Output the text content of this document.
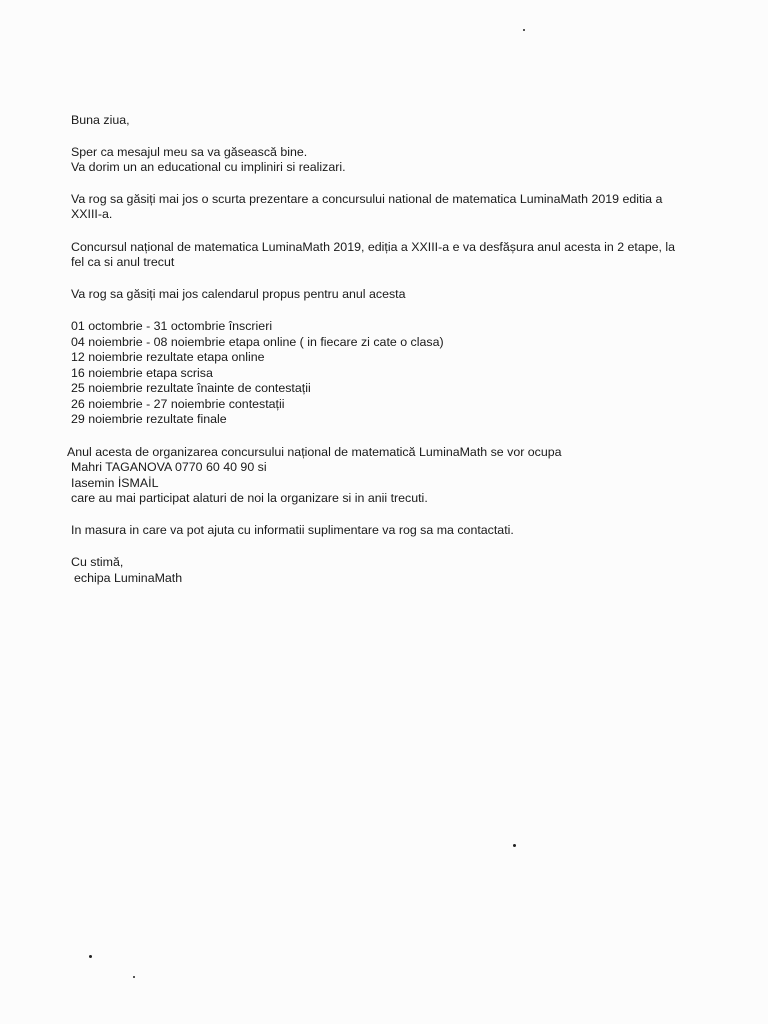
Buna ziua,
Sper ca mesajul meu sa va găsească bine.
Va dorim un an educational cu impliniri si realizari.
Va rog sa găsiți mai jos o scurta prezentare a concursului national de matematica LuminaMath 2019 editia a
XXIII-a.
Concursul național de matematica LuminaMath 2019, ediția a XXIII-a e va desfășura anul acesta in 2 etape, la
fel ca si anul trecut
Va rog sa găsiți mai jos calendarul propus pentru anul acesta
01 octombrie - 31 octombrie înscrieri
04 noiembrie - 08 noiembrie etapa online ( in fiecare zi cate o clasa)
12 noiembrie rezultate etapa online
16 noiembrie etapa scrisa
25 noiembrie rezultate înainte de contestații
26 noiembrie - 27 noiembrie contestații
29 noiembrie rezultate finale
Anul acesta de organizarea concursului național de matematică LuminaMath se vor ocupa
Mahri TAGANOVA 0770 60 40 90 si
Iasemin İSMAİL
care au mai participat alaturi de noi la organizare si in anii trecuti.
In masura in care va pot ajuta cu informatii suplimentare va rog sa ma contactati.
Cu stimă,
echipa LuminaMath
